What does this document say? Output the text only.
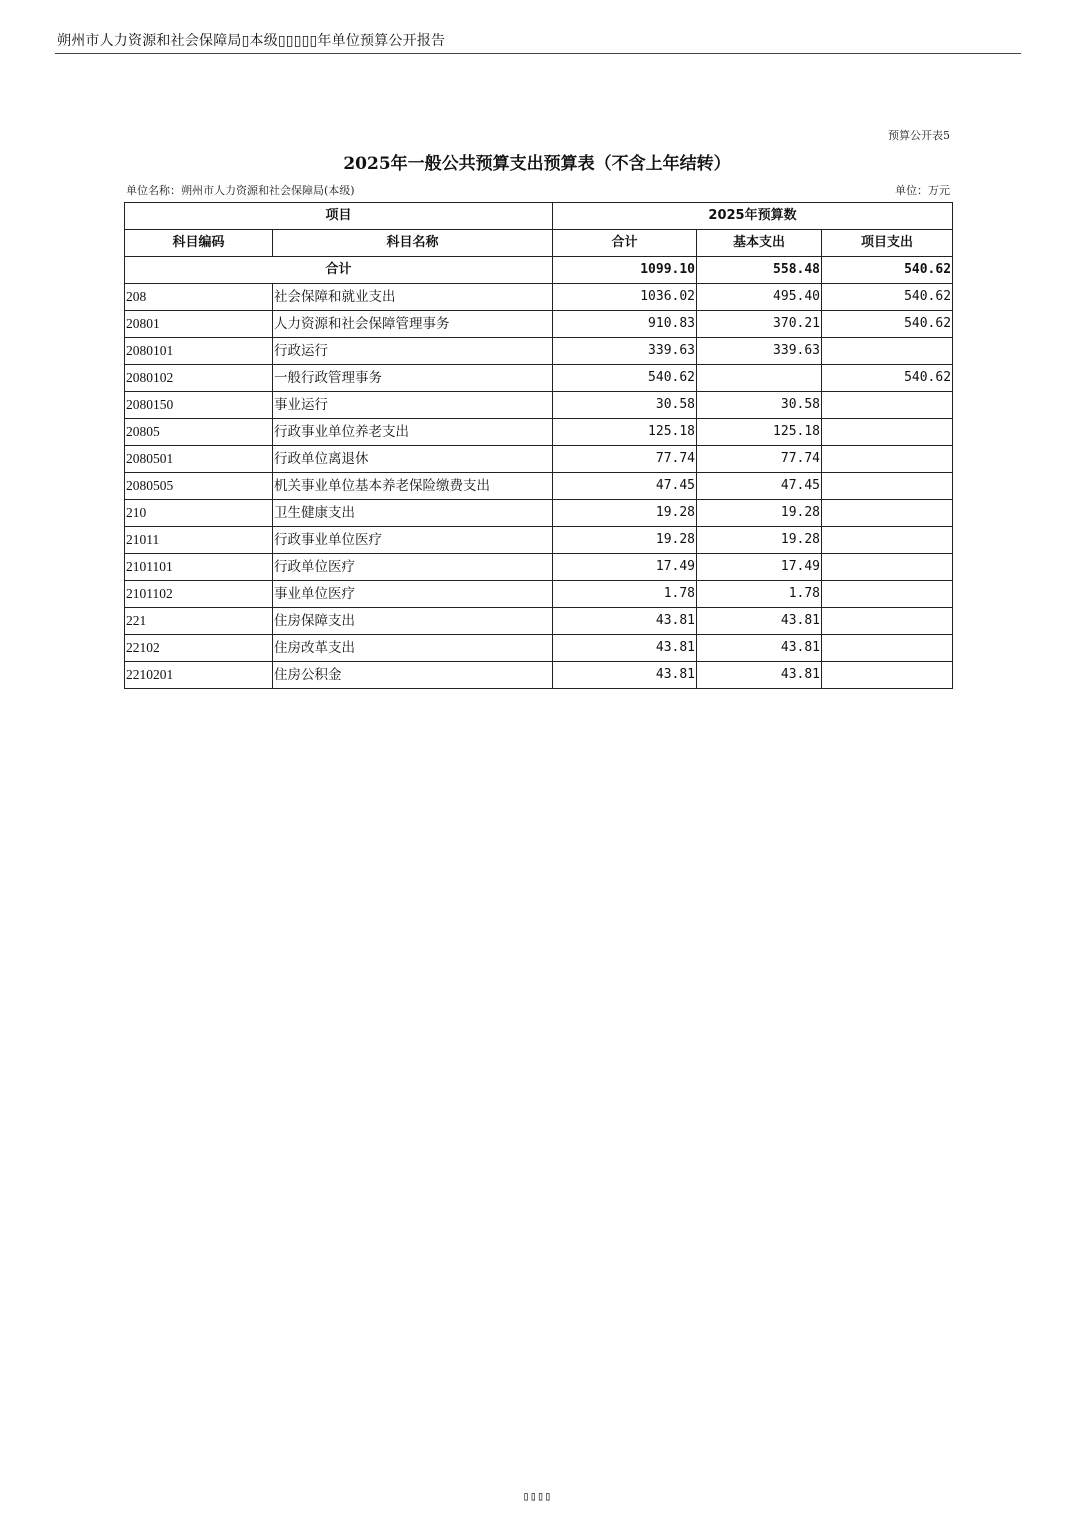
朔州市人力资源和社会保障局▯本级▯▯▯▯▯年单位预算公开报告
预算公开表5
2025年一般公共预算支出预算表（不含上年结转）
单位名称：朔州市人力资源和社会保障局(本级)	单位：万元
项目		2025年预算数		
科目编码	科目名称	合计	基本支出	项目支出
合计		1099.10	558.48	540.62
208	社会保障和就业支出	1036.02	495.40	540.62
20801	人力资源和社会保障管理事务	910.83	370.21	540.62
2080101	行政运行	339.63	339.63	
2080102	一般行政管理事务	540.62		540.62
2080150	事业运行	30.58	30.58	
20805	行政事业单位养老支出	125.18	125.18	
2080501	行政单位离退休	77.74	77.74	
2080505	机关事业单位基本养老保险缴费支出	47.45	47.45	
210	卫生健康支出	19.28	19.28	
21011	行政事业单位医疗	19.28	19.28	
2101101	行政单位医疗	17.49	17.49	
2101102	事业单位医疗	1.78	1.78	
221	住房保障支出	43.81	43.81	
22102	住房改革支出	43.81	43.81	
2210201	住房公积金	43.81	43.81	
▯▯▯▯
